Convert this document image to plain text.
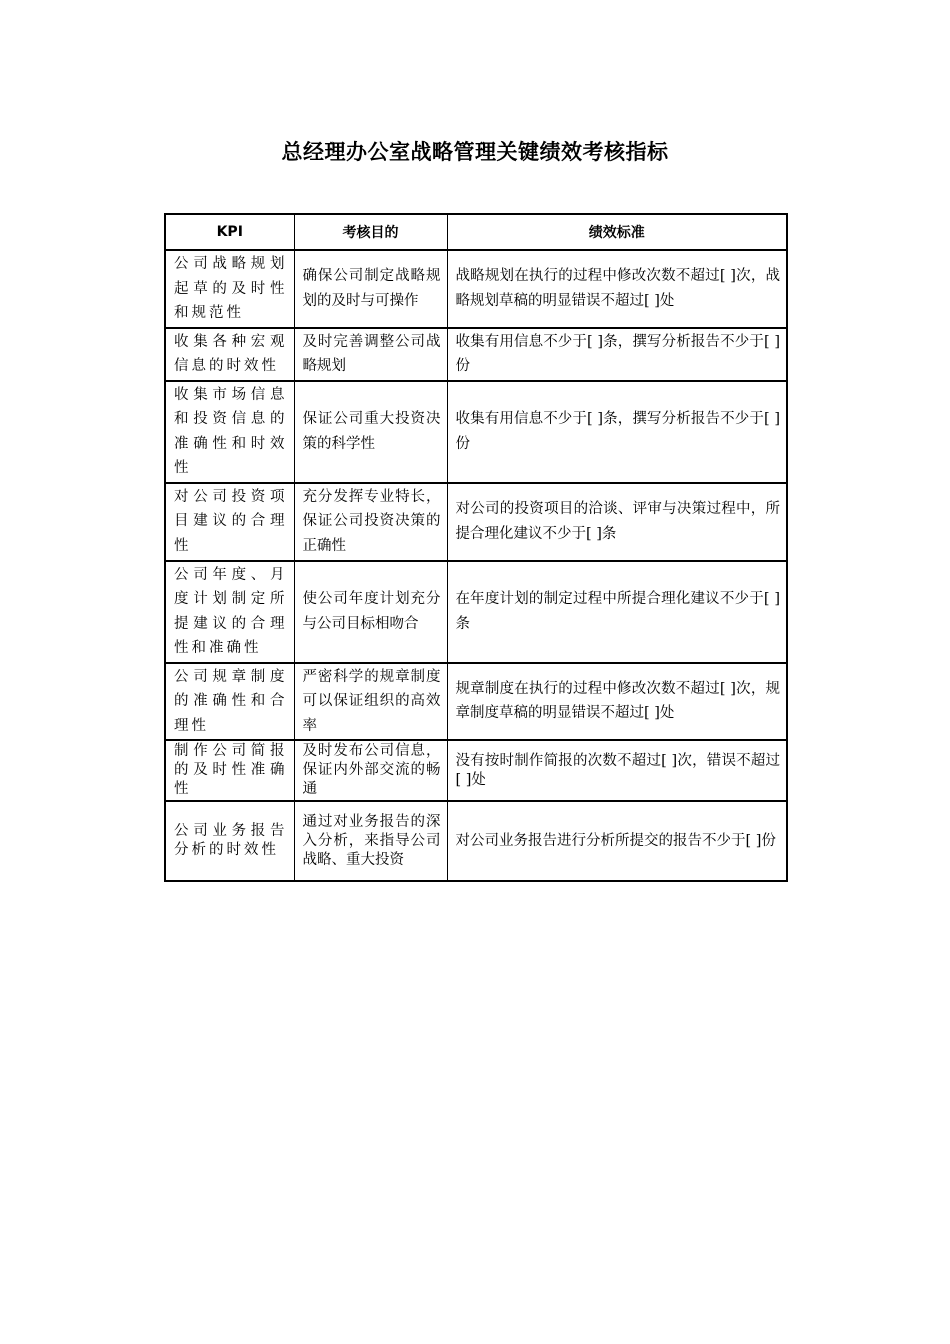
总经理办公室战略管理关键绩效考核指标
KPI	考核目的	绩效标准
公司战略规划起草的及时性和规范性	确保公司制定战略规划的及时与可操作	战略规划在执行的过程中修改次数不超过[ ]次，战略规划草稿的明显错误不超过[ ]处
收集各种宏观信息的时效性	及时完善调整公司战略规划	收集有用信息不少于[ ]条，撰写分析报告不少于[ ]份
收集市场信息和投资信息的准确性和时效性	保证公司重大投资决策的科学性	收集有用信息不少于[ ]条，撰写分析报告不少于[ ]份
对公司投资项目建议的合理性	充分发挥专业特长，保证公司投资决策的正确性	对公司的投资项目的洽谈、评审与决策过程中，所提合理化建议不少于[ ]条
公司年度、月度计划制定所提建议的合理性和准确性	使公司年度计划充分与公司目标相吻合	在年度计划的制定过程中所提合理化建议不少于[ ]条
公司规章制度的准确性和合理性	严密科学的规章制度可以保证组织的高效率	规章制度在执行的过程中修改次数不超过[ ]次，规章制度草稿的明显错误不超过[ ]处
制作公司简报的及时性准确性	及时发布公司信息，保证内外部交流的畅通	没有按时制作简报的次数不超过[ ]次，错误不超过[ ]处
公司业务报告分析的时效性	通过对业务报告的深入分析，来指导公司战略、重大投资	对公司业务报告进行分析所提交的报告不少于[ ]份
